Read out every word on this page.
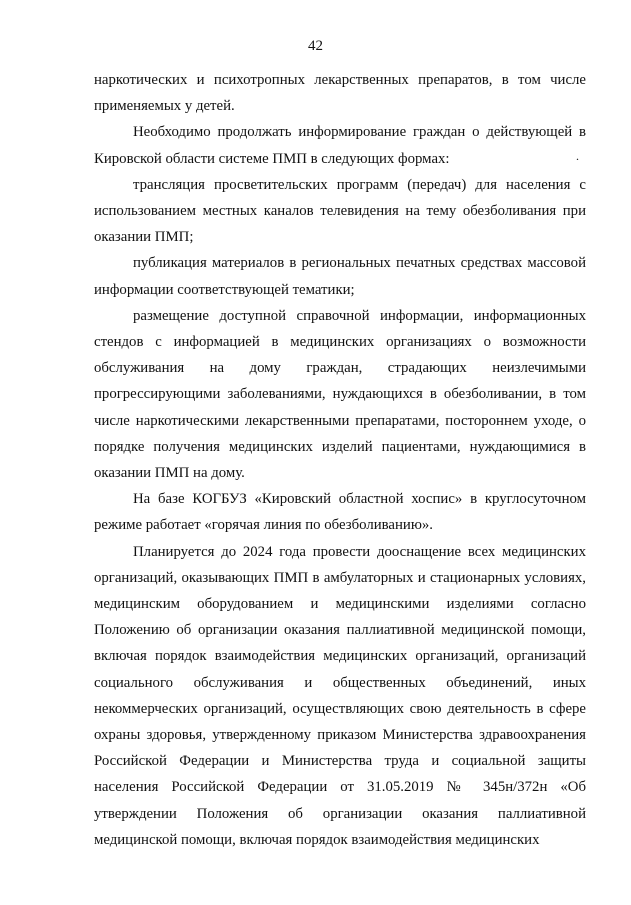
42
.

наркотических и психотропных лекарственных препаратов, в том числе применяемых у детей.

Необходимо продолжать информирование граждан о действующей в Кировской области системе ПМП в следующих формах:

трансляция просветительских программ (передач) для населения с использованием местных каналов телевидения на тему обезболивания при оказании ПМП;

публикация материалов в региональных печатных средствах массовой информации соответствующей тематики;

размещение доступной справочной информации, информационных стендов с информацией в медицинских организациях о возможности обслуживания на дому граждан, страдающих неизлечимыми прогрессирующими заболеваниями, нуждающихся в обезболивании, в том числе наркотическими лекарственными препаратами, постороннем уходе, о порядке получения медицинских изделий пациентами, нуждающимися в оказании ПМП на дому.

На базе КОГБУЗ «Кировский областной хоспис» в круглосуточном режиме работает «горячая линия по обезболиванию».

Планируется до 2024 года провести дооснащение всех медицинских организаций, оказывающих ПМП в амбулаторных и стационарных условиях, медицинским оборудованием и медицинскими изделиями согласно Положению об организации оказания паллиативной медицинской помощи, включая порядок взаимодействия медицинских организаций, организаций социального обслуживания и общественных объединений, иных некоммерческих организаций, осуществляющих свою деятельность в сфере охраны здоровья, утвержденному приказом Министерства здравоохранения Российской Федерации и Министерства труда и социальной защиты населения Российской Федерации от 31.05.2019 № 345н/372н «Об утверждении Положения об организации оказания паллиативной медицинской помощи, включая порядок взаимодействия медицинских
